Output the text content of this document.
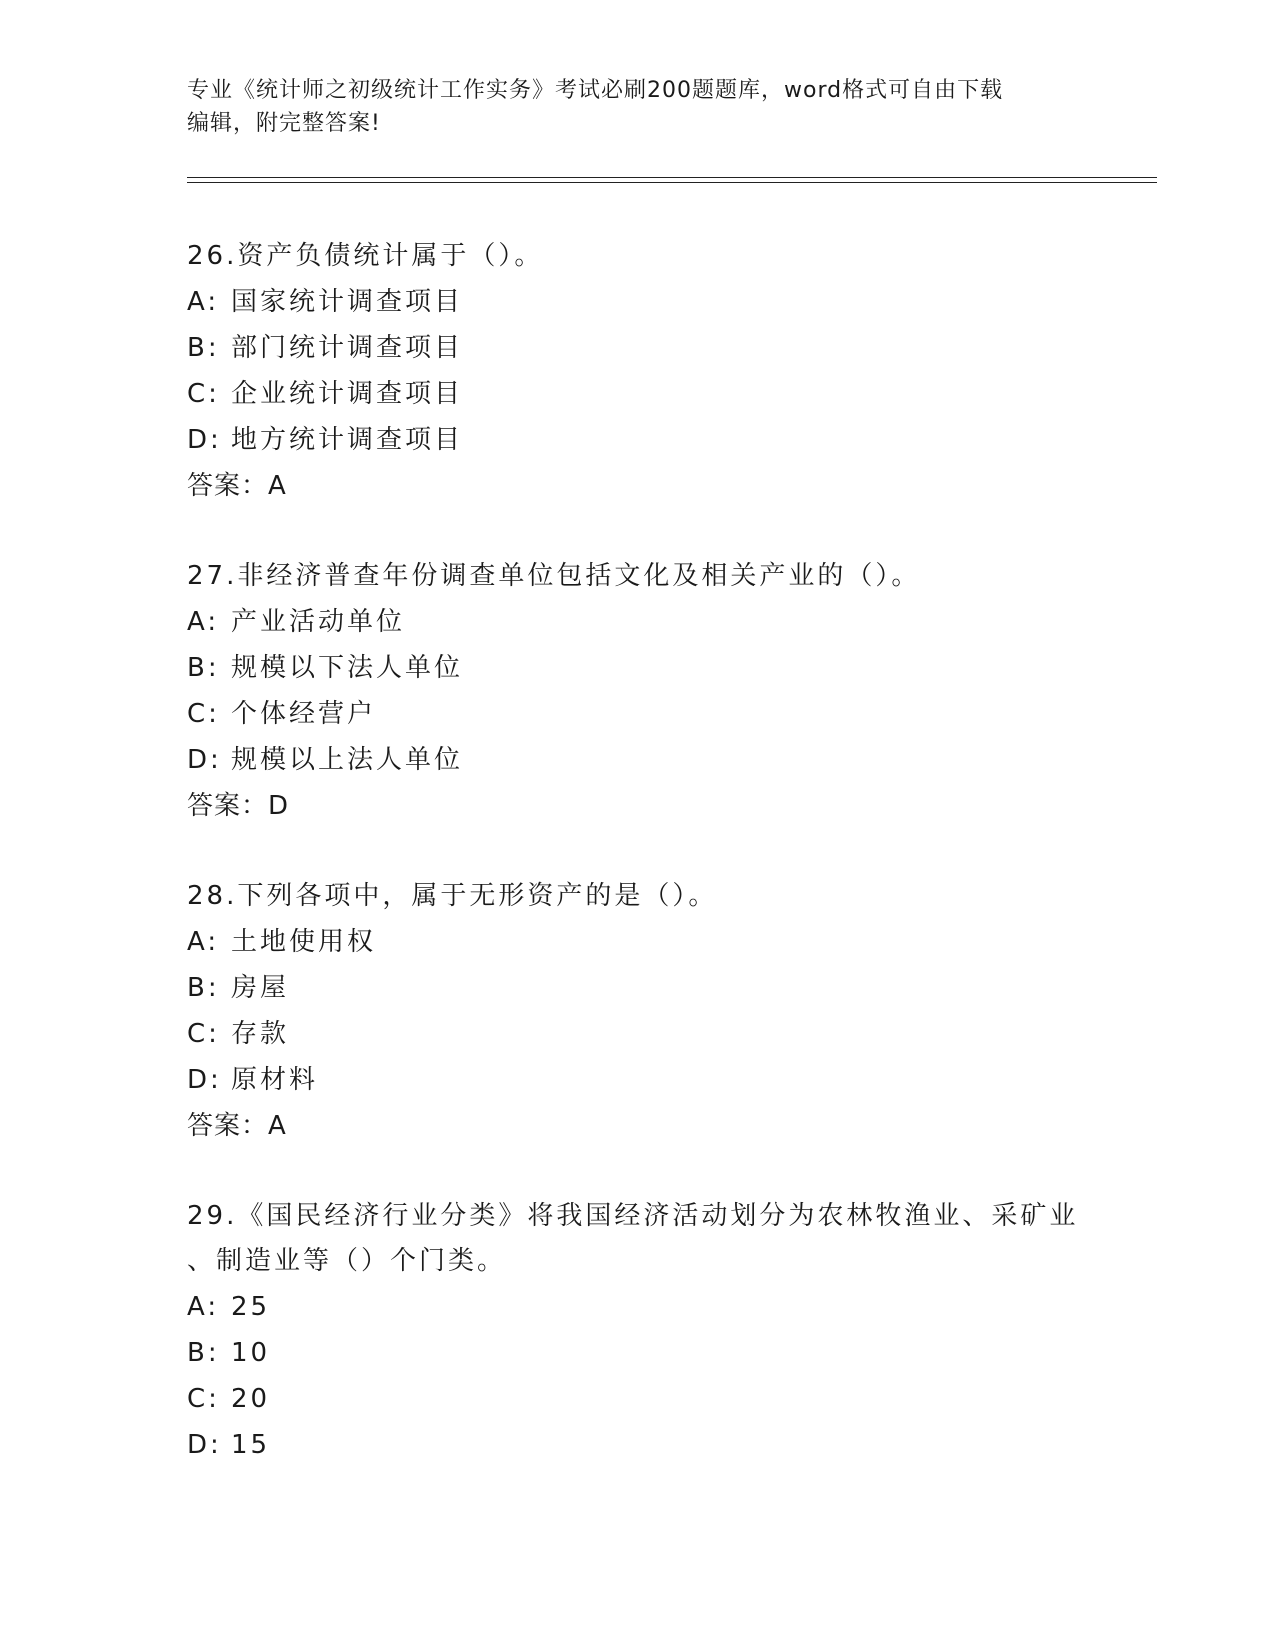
专业《统计师之初级统计工作实务》考试必刷200题题库，word格式可自由下载
编辑，附完整答案!

26.资产负债统计属于（）。

A: 国家统计调查项目

B: 部门统计调查项目

C: 企业统计调查项目

D: 地方统计调查项目

答案：A

27.非经济普查年份调查单位包括文化及相关产业的（）。

A: 产业活动单位

B: 规模以下法人单位

C: 个体经营户

D: 规模以上法人单位

答案：D

28.下列各项中，属于无形资产的是（）。

A: 土地使用权

B: 房屋

C: 存款

D: 原材料

答案：A

29.《国民经济行业分类》将我国经济活动划分为农林牧渔业、采矿业

、制造业等（）个门类。

A: 25

B: 10

C: 20

D: 15
